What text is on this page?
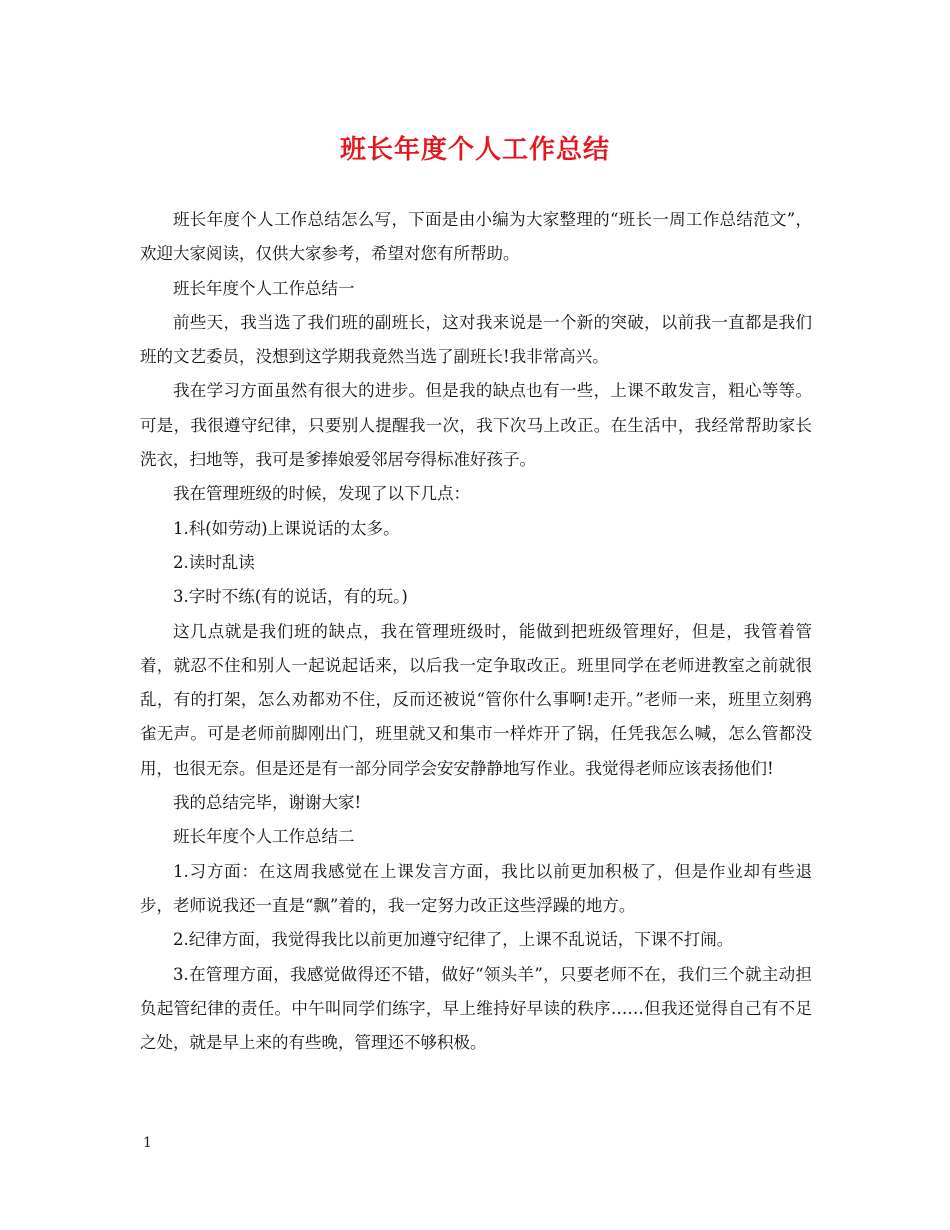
班长年度个人工作总结

班长年度个人工作总结怎么写，下面是由小编为大家整理的“班长一周工作总结范文”，欢迎大家阅读，仅供大家参考，希望对您有所帮助。

班长年度个人工作总结一

前些天，我当选了我们班的副班长，这对我来说是一个新的突破，以前我一直都是我们班的文艺委员，没想到这学期我竟然当选了副班长!我非常高兴。

我在学习方面虽然有很大的进步。但是我的缺点也有一些，上课不敢发言，粗心等等。可是，我很遵守纪律，只要别人提醒我一次，我下次马上改正。在生活中，我经常帮助家长洗衣，扫地等，我可是爹捧娘爱邻居夸得标准好孩子。

我在管理班级的时候，发现了以下几点：

1.科(如劳动)上课说话的太多。

2.读时乱读

3.字时不练(有的说话，有的玩。)

这几点就是我们班的缺点，我在管理班级时，能做到把班级管理好，但是，我管着管着，就忍不住和别人一起说起话来，以后我一定争取改正。班里同学在老师进教室之前就很乱，有的打架，怎么劝都劝不住，反而还被说“管你什么事啊!走开。”老师一来，班里立刻鸦雀无声。可是老师前脚刚出门，班里就又和集市一样炸开了锅，任凭我怎么喊，怎么管都没用，也很无奈。但是还是有一部分同学会安安静静地写作业。我觉得老师应该表扬他们!

我的总结完毕，谢谢大家!

班长年度个人工作总结二

1.习方面：在这周我感觉在上课发言方面，我比以前更加积极了，但是作业却有些退步，老师说我还一直是“飘”着的，我一定努力改正这些浮躁的地方。

2.纪律方面，我觉得我比以前更加遵守纪律了，上课不乱说话，下课不打闹。

3.在管理方面，我感觉做得还不错，做好“领头羊”，只要老师不在，我们三个就主动担负起管纪律的责任。中午叫同学们练字，早上维持好早读的秩序……但我还觉得自己有不足之处，就是早上来的有些晚，管理还不够积极。

1
